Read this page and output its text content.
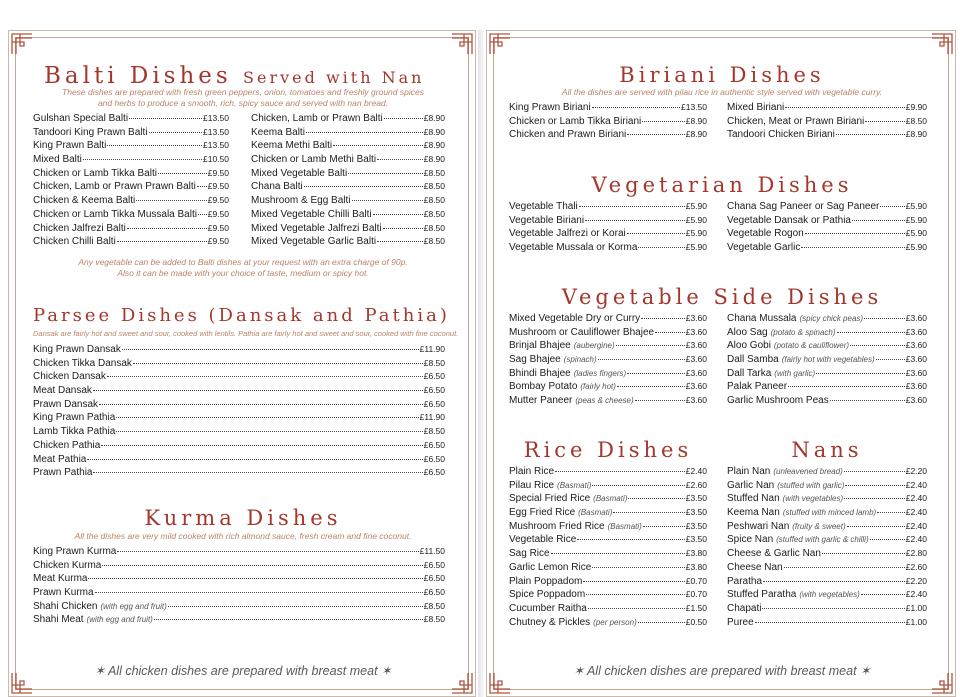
Balti Dishes Served with Nan
These dishes are prepared with fresh green peppers, onion, tomatoes and freshly ground spices
and herbs to produce a smooth, rich, spicy sauce and served with nan bread.
Gulshan Special Balti	£13.50
Tandoori King Prawn Balti	£13.50
King Prawn Balti	£13.50
Mixed Balti	£10.50
Chicken or Lamb Tikka Balti	£9.50
Chicken, Lamb or Prawn Prawn Balti £9.50
Chicken & Keema Balti	£9.50
Chicken or Lamb Tikka Mussala Balti £9.50
Chicken Jalfrezi Balti	£9.50
Chicken Chilli Balti	£9.50
Chicken, Lamb or Prawn Balti	£8.90
Keema Balti	£8.90
Keema Methi Balti	£8.90
Chicken or Lamb Methi Balti	£8.90
Mixed Vegetable Balti	£8.50
Chana Balti	£8.50
Mushroom & Egg Balti	£8.50
Mixed Vegetable Chilli Balti	£8.50
Mixed Vegetable Jalfrezi Balti	£8.50
Mixed Vegetable Garlic Balti	£8.50
Any vegetable can be added to Balti dishes at your request with an extra charge of 90p.
Also it can be made with your choice of taste, medium or spicy hot.
Parsee Dishes (Dansak and Pathia)
Dansak are fairly hot and sweet and sour, cooked with lentils. Pathia are fairly hot and sweet and sour, cooked with fine coconut.
King Prawn Dansak	£11.90
Chicken Tikka Dansak	£8.50
Chicken Dansak	£6.50
Meat Dansak	£6.50
Prawn Dansak	£6.50
King Prawn Pathia	£11.90
Lamb Tikka Pathia	£8.50
Chicken Pathia	£6.50
Meat Pathia	£6.50
Prawn Pathia	£6.50
Kurma Dishes
All the dishes are very mild cooked with rich almond sauce, fresh cream and fine coconut.
King Prawn Kurma	£11.50
Chicken Kurma	£6.50
Meat Kurma	£6.50
Prawn Kurma	£6.50
Shahi Chicken (with egg and fruit)	£8.50
Shahi Meat (with egg and fruit)	£8.50
✶ All chicken dishes are prepared with breast meat ✶
Biriani Dishes
All the dishes are served with pilau rice in authentic style served with vegetable curry.
King Prawn Biriani	£13.50
Chicken or Lamb Tikka Biriani	£8.90
Chicken and Prawn Biriani	£8.90
Mixed Biriani	£9.90
Chicken, Meat or Prawn Biriani	£8.50
Tandoori Chicken Biriani	£8.90
Vegetarian Dishes
Vegetable Thali	£5.90
Vegetable Biriani	£5.90
Vegetable Jalfrezi or Korai	£5.90
Vegetable Mussala or Korma	£5.90
Chana Sag Paneer or Sag Paneer	£5.90
Vegetable Dansak or Pathia	£5.90
Vegetable Rogon	£5.90
Vegetable Garlic	£5.90
Vegetable Side Dishes
Mixed Vegetable Dry or Curry	£3.60
Mushroom or Cauliflower Bhajee	£3.60
Brinjal Bhajee (aubergine)	£3.60
Sag Bhajee (spinach)	£3.60
Bhindi Bhajee (ladies fingers)	£3.60
Bombay Potato (fairly hot)	£3.60
Mutter Paneer (peas & cheese)	£3.60
Chana Mussala (spicy chick peas)	£3.60
Aloo Sag (potato & spinach)	£3.60
Aloo Gobi (potato & cauliflower)	£3.60
Dall Samba (fairly hot with vegetables)	£3.60
Dall Tarka (with garlic)	£3.60
Palak Paneer	£3.60
Garlic Mushroom Peas	£3.60
Rice Dishes
Plain Rice	£2.40
Pilau Rice (Basmati)	£2.60
Special Fried Rice (Basmati)	£3.50
Egg Fried Rice (Basmati)	£3.50
Mushroom Fried Rice (Basmati)	£3.50
Vegetable Rice	£3.50
Sag Rice	£3.80
Garlic Lemon Rice	£3.80
Plain Poppadom	£0.70
Spice Poppadom	£0.70
Cucumber Raitha	£1.50
Chutney & Pickles (per person)	£0.50
Nans
Plain Nan (unleavened bread)	£2.20
Garlic Nan (stuffed with garlic)	£2.40
Stuffed Nan (with vegetables)	£2.40
Keema Nan (stuffed with minced lamb)	£2.40
Peshwari Nan (fruity & sweet)	£2.40
Spice Nan (stuffed with garlic & chilli)	£2.40
Cheese & Garlic Nan	£2.80
Cheese Nan	£2.60
Paratha	£2.20
Stuffed Paratha (with vegetables)	£2.40
Chapati	£1.00
Puree	£1.00
✶ All chicken dishes are prepared with breast meat ✶
